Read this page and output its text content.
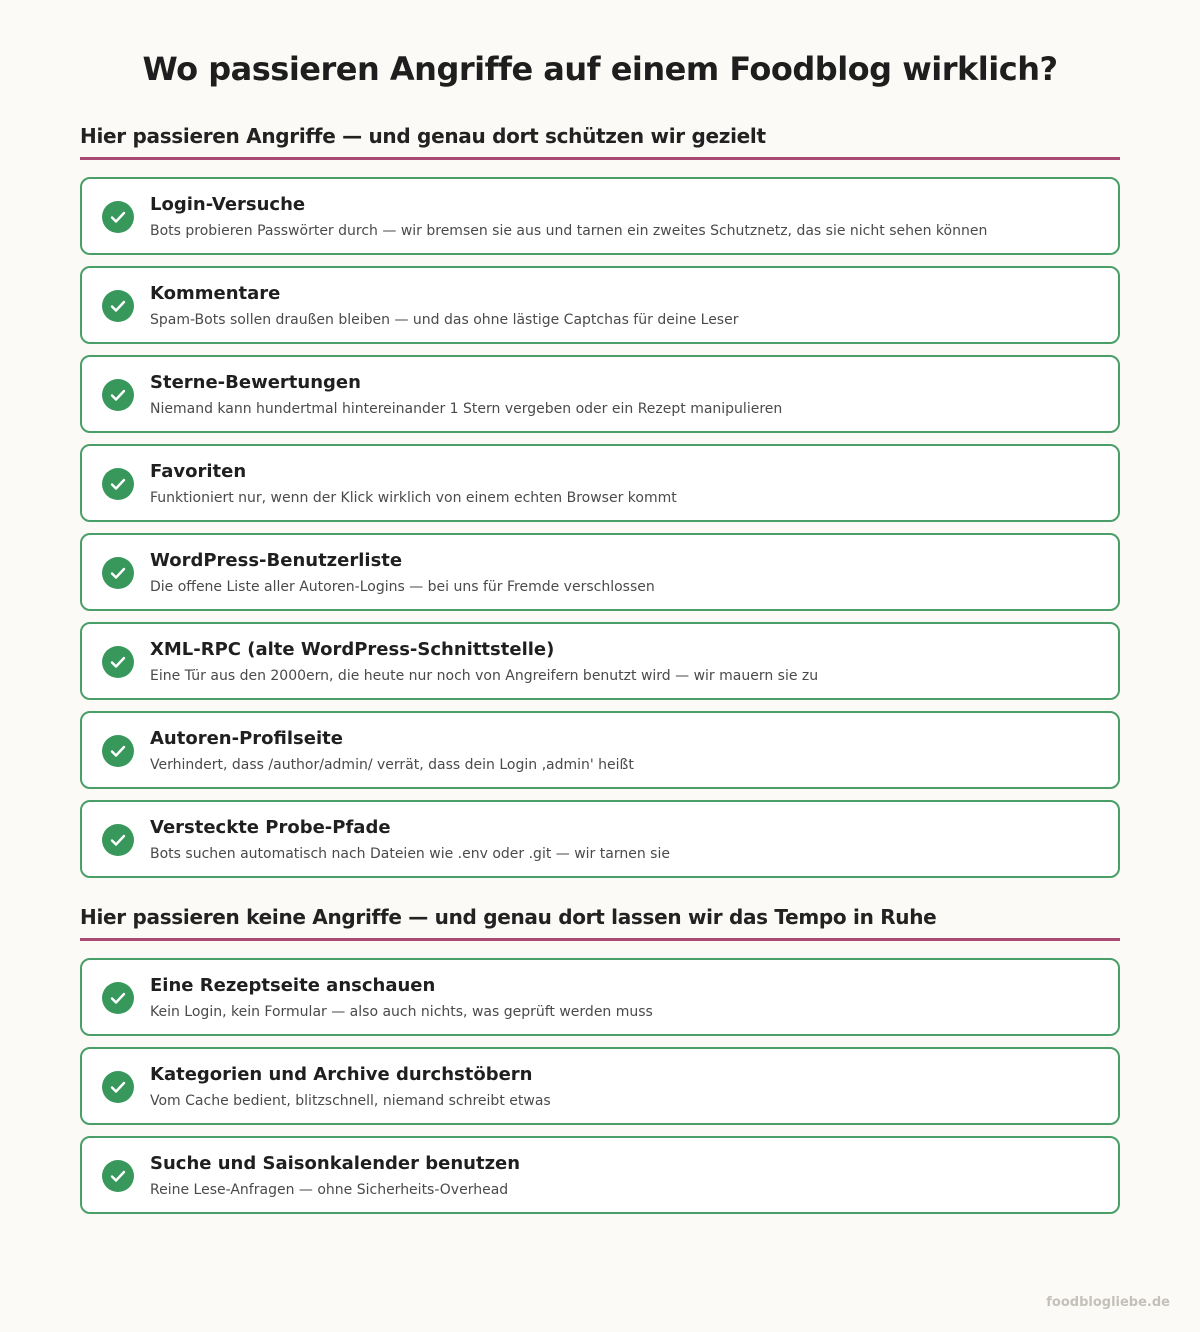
Wo passieren Angriffe auf einem Foodblog wirklich?
Hier passieren Angriffe — und genau dort schützen wir gezielt
Login-Versuche
Bots probieren Passwörter durch — wir bremsen sie aus und tarnen ein zweites Schutznetz, das sie nicht sehen können
Kommentare
Spam-Bots sollen draußen bleiben — und das ohne lästige Captchas für deine Leser
Sterne-Bewertungen
Niemand kann hundertmal hintereinander 1 Stern vergeben oder ein Rezept manipulieren
Favoriten
Funktioniert nur, wenn der Klick wirklich von einem echten Browser kommt
WordPress-Benutzerliste
Die offene Liste aller Autoren-Logins — bei uns für Fremde verschlossen
XML-RPC (alte WordPress-Schnittstelle)
Eine Tür aus den 2000ern, die heute nur noch von Angreifern benutzt wird — wir mauern sie zu
Autoren-Profilseite
Verhindert, dass /author/admin/ verrät, dass dein Login ‚admin' heißt
Versteckte Probe-Pfade
Bots suchen automatisch nach Dateien wie .env oder .git — wir tarnen sie
Hier passieren keine Angriffe — und genau dort lassen wir das Tempo in Ruhe
Eine Rezeptseite anschauen
Kein Login, kein Formular — also auch nichts, was geprüft werden muss
Kategorien und Archive durchstöbern
Vom Cache bedient, blitzschnell, niemand schreibt etwas
Suche und Saisonkalender benutzen
Reine Lese-Anfragen — ohne Sicherheits-Overhead
foodblogliebe.de
